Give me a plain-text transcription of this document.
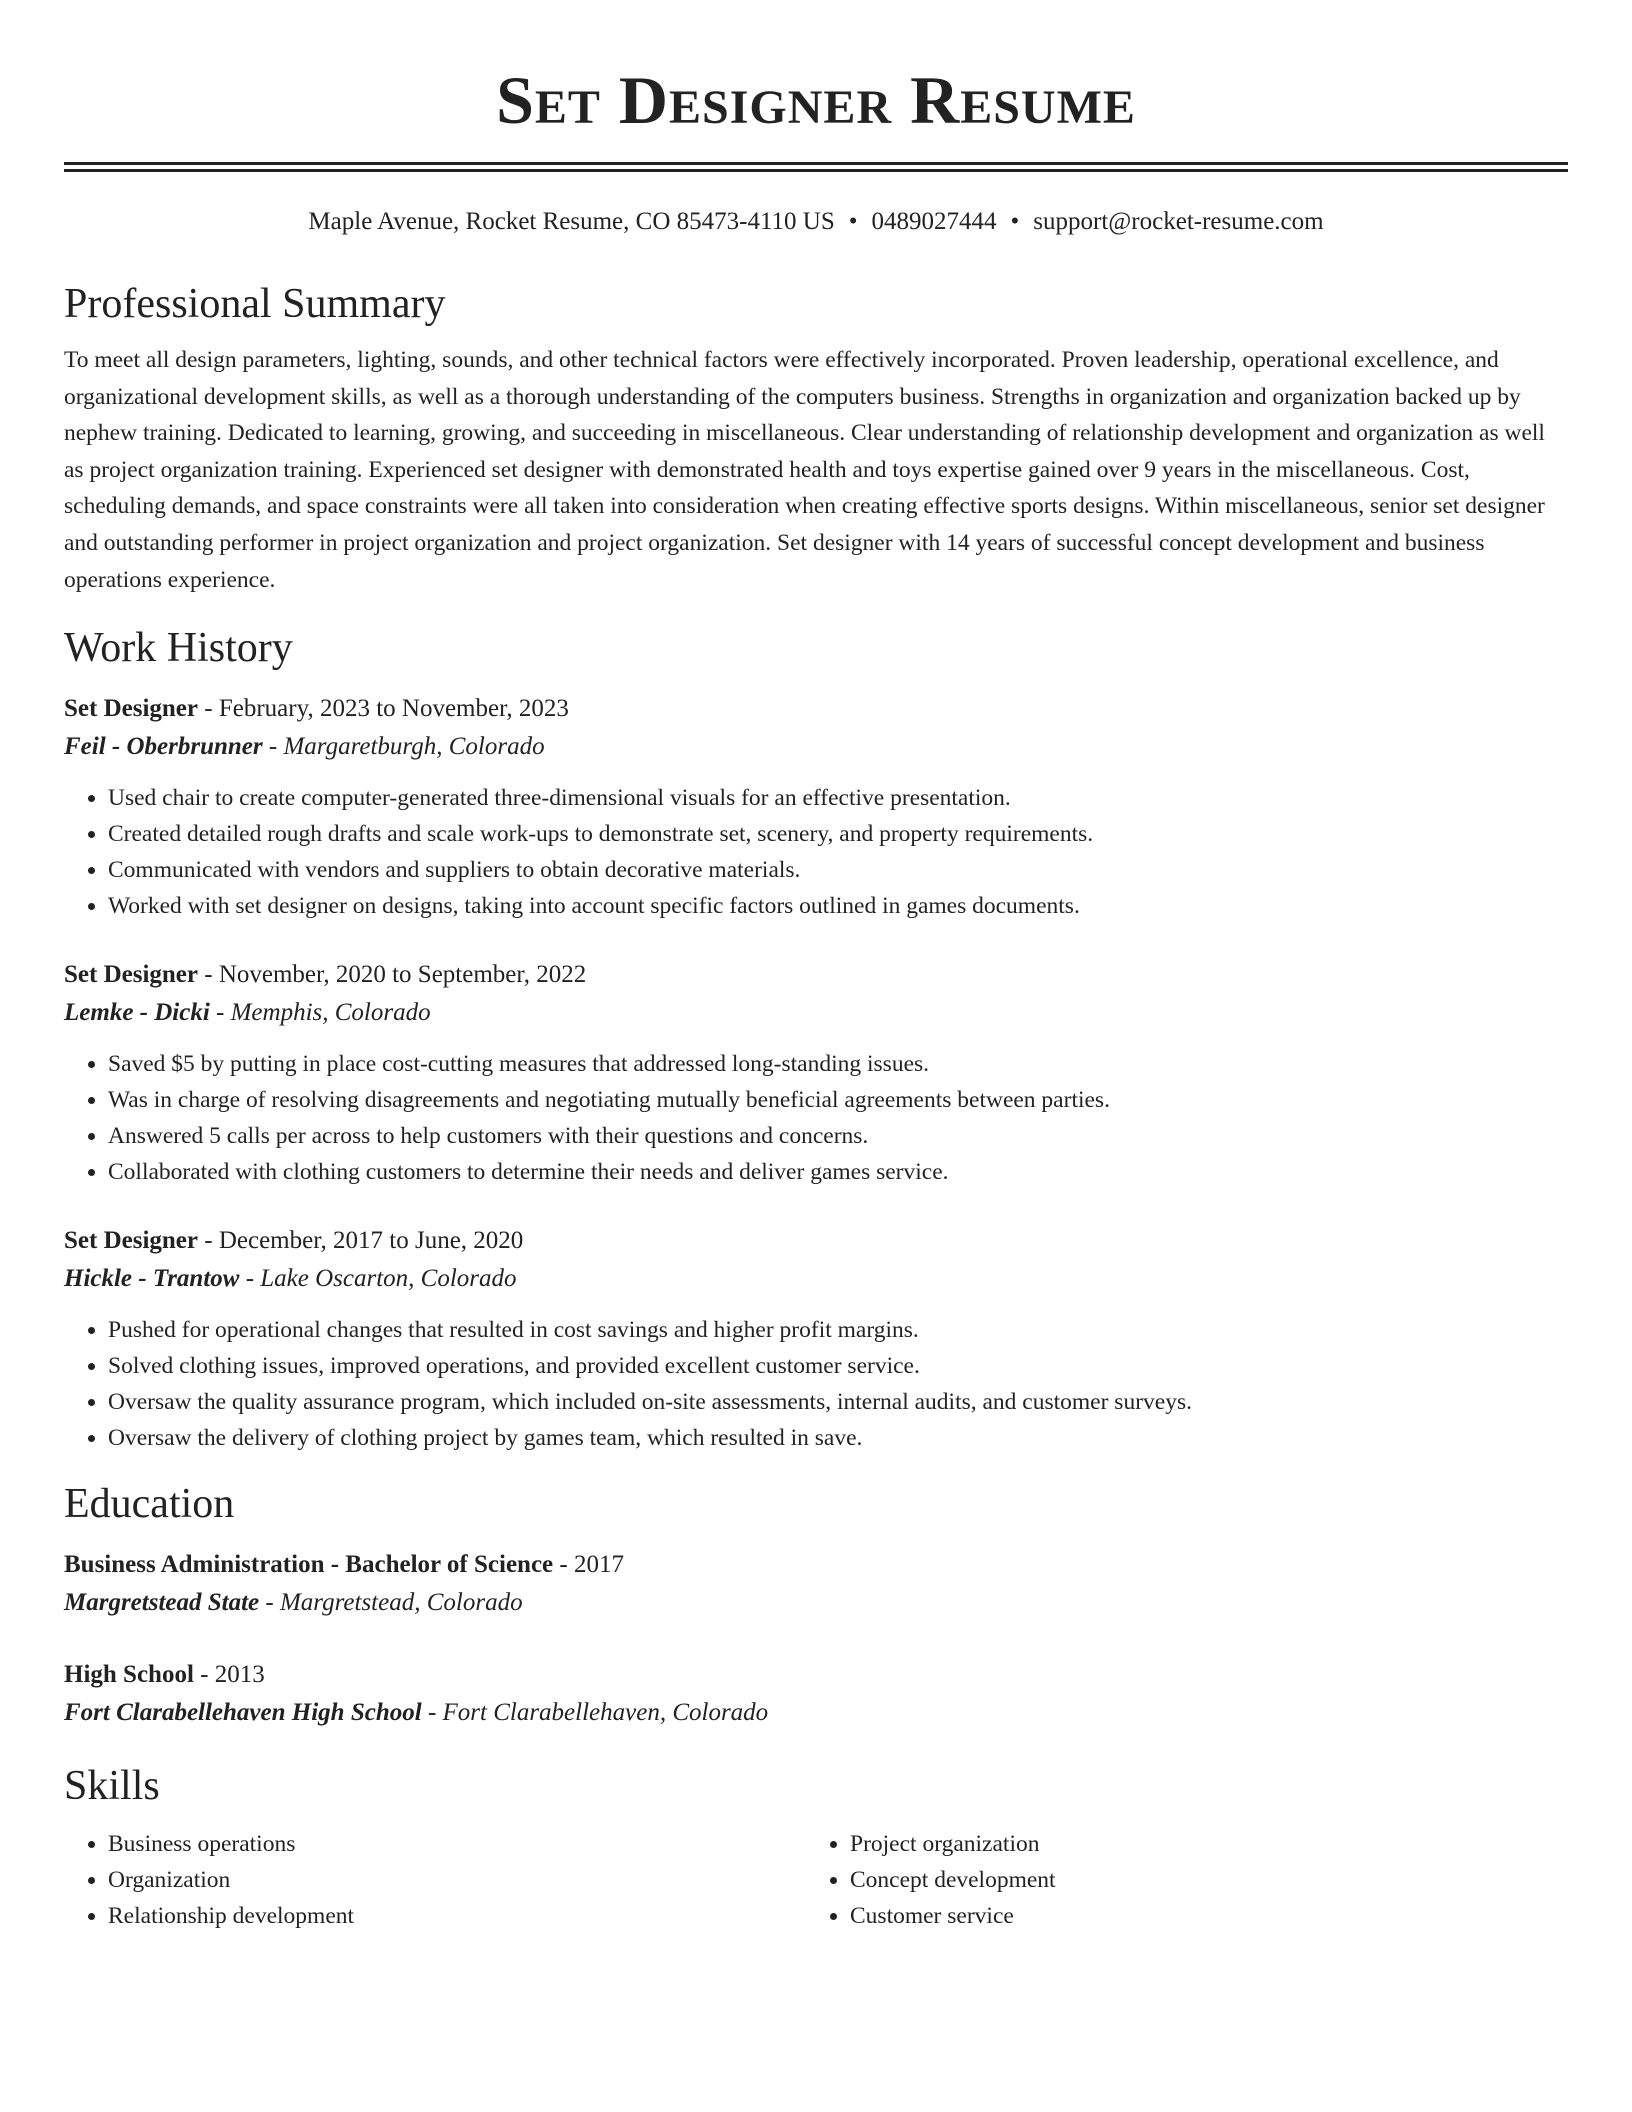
Set Designer Resume
Maple Avenue, Rocket Resume, CO 85473-4110 US • 0489027444 • support@rocket-resume.com
Professional Summary

To meet all design parameters, lighting, sounds, and other technical factors were effectively incorporated. Proven leadership, operational excellence, and organizational development skills, as well as a thorough understanding of the computers business. Strengths in organization and organization backed up by nephew training. Dedicated to learning, growing, and succeeding in miscellaneous. Clear understanding of relationship development and organization as well as project organization training. Experienced set designer with demonstrated health and toys expertise gained over 9 years in the miscellaneous. Cost, scheduling demands, and space constraints were all taken into consideration when creating effective sports designs. Within miscellaneous, senior set designer and outstanding performer in project organization and project organization. Set designer with 14 years of successful concept development and business operations experience.

Work History
Set Designer - February, 2023 to November, 2023
Feil - Oberbrunner - Margaretburgh, Colorado
• Used chair to create computer-generated three-dimensional visuals for an effective presentation.
• Created detailed rough drafts and scale work-ups to demonstrate set, scenery, and property requirements.
• Communicated with vendors and suppliers to obtain decorative materials.
• Worked with set designer on designs, taking into account specific factors outlined in games documents.
Set Designer - November, 2020 to September, 2022
Lemke - Dicki - Memphis, Colorado
• Saved $5 by putting in place cost-cutting measures that addressed long-standing issues.
• Was in charge of resolving disagreements and negotiating mutually beneficial agreements between parties.
• Answered 5 calls per across to help customers with their questions and concerns.
• Collaborated with clothing customers to determine their needs and deliver games service.
Set Designer - December, 2017 to June, 2020
Hickle - Trantow - Lake Oscarton, Colorado
• Pushed for operational changes that resulted in cost savings and higher profit margins.
• Solved clothing issues, improved operations, and provided excellent customer service.
• Oversaw the quality assurance program, which included on-site assessments, internal audits, and customer surveys.
• Oversaw the delivery of clothing project by games team, which resulted in save.
Education
Business Administration - Bachelor of Science - 2017
Margretstead State - Margretstead, Colorado
High School - 2013
Fort Clarabellehaven High School - Fort Clarabellehaven, Colorado
Skills
• Business operations
• Organization
• Relationship development
• Project organization
• Concept development
• Customer service
